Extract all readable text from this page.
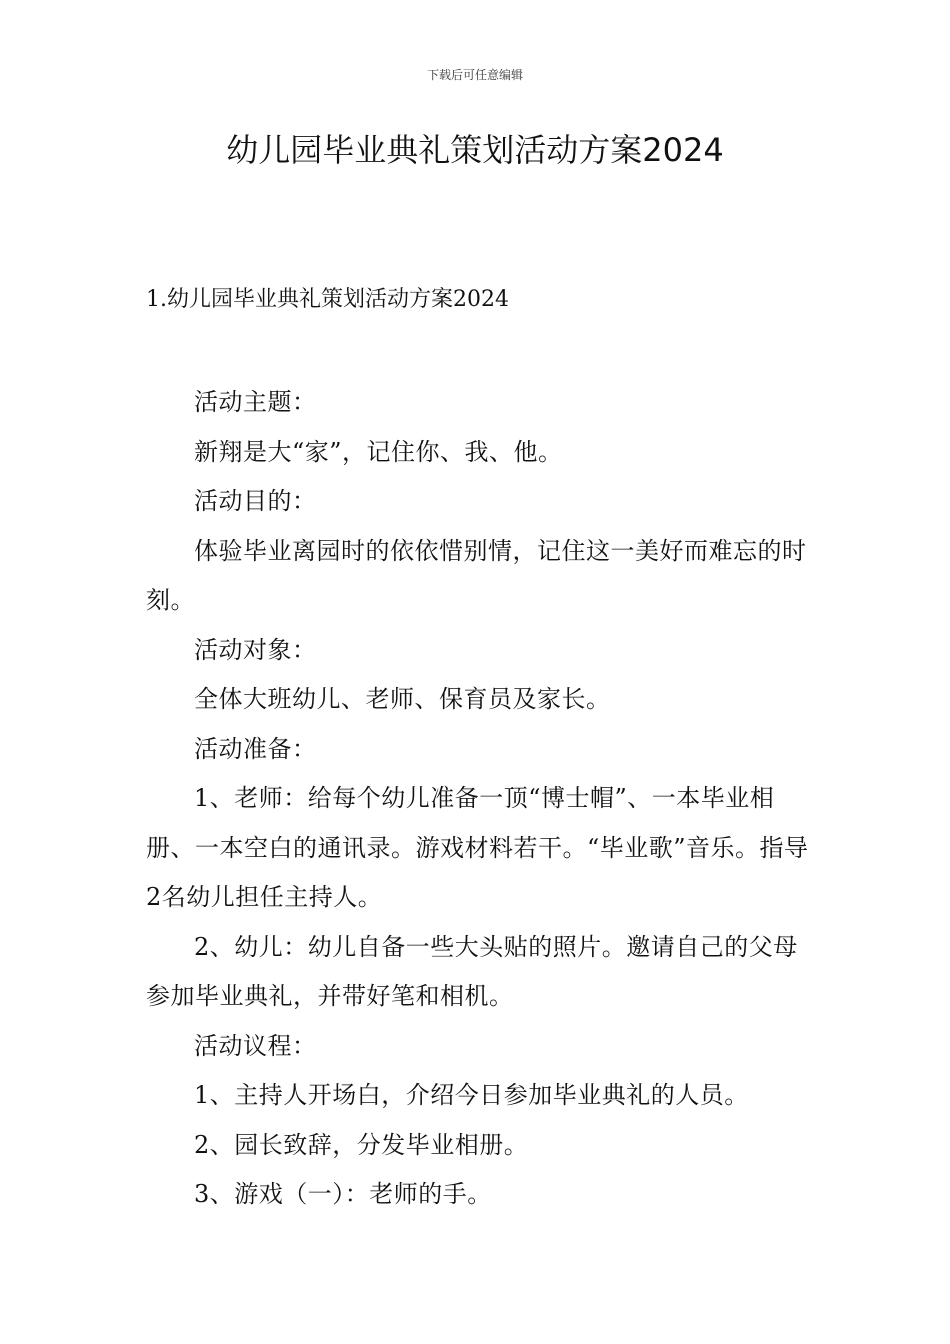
下载后可任意编辑
幼儿园毕业典礼策划活动方案2024
1.幼儿园毕业典礼策划活动方案2024

活动主题：

新翔是大“家”，记住你、我、他。

活动目的：

体验毕业离园时的依依惜别情，记住这一美好而难忘的时刻。

活动对象：

全体大班幼儿、老师、保育员及家长。

活动准备：

1、老师：给每个幼儿准备一顶“博士帽”、一本毕业相册、一本空白的通讯录。游戏材料若干。“毕业歌”音乐。指导2名幼儿担任主持人。

2、幼儿：幼儿自备一些大头贴的照片。邀请自己的父母参加毕业典礼，并带好笔和相机。

活动议程：

1、主持人开场白，介绍今日参加毕业典礼的人员。

2、园长致辞，分发毕业相册。

3、游戏（一）：老师的手。
